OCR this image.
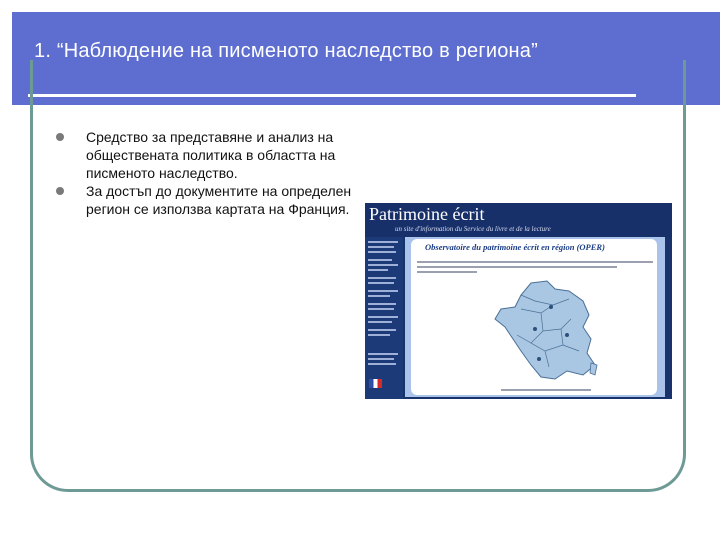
1. “Наблюдение на писменото наследство в региона”
Средство за представяне и анализ на обществената политика в областта на писменото наследство.
За достъп до документите на определен регион се използва картата на Франция.	Patrimoine écrit
un site d'information du Service du livre et de la lecture
Observatoire du patrimoine écrit en région (OPER)
